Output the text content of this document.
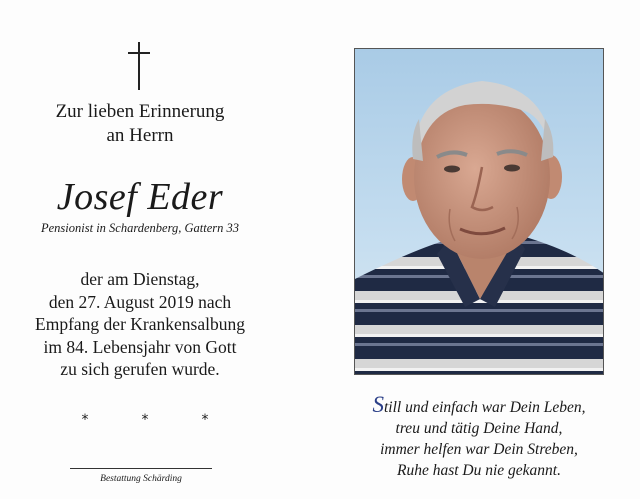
Zur lieben Erinnerung
an Herrn
Josef Eder
Pensionist in Schardenberg, Gattern 33
der am Dienstag,
den 27. August 2019 nach
Empfang der Krankensalbung
im 84. Lebensjahr von Gott
zu sich gerufen wurde.
*	*	*
Bestattung Schärding
Still und einfach war Dein Leben,
treu und tätig Deine Hand,
immer helfen war Dein Streben,
Ruhe hast Du nie gekannt.
